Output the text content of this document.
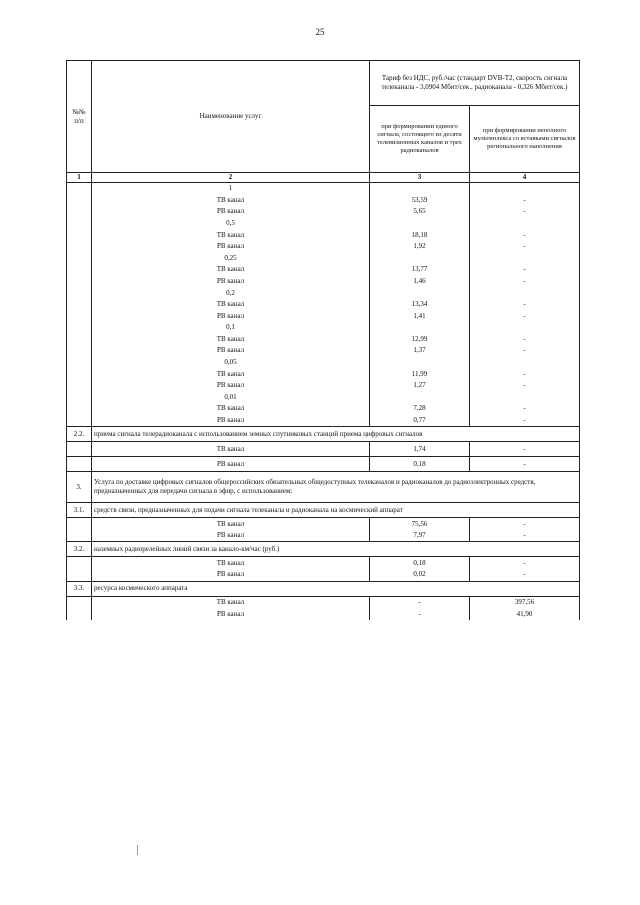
25
№№ п/п	Наименование услуг	Тариф без НДС, руб./час (стандарт DVB-T2, скорость сигнала телеканала - 3,0904 Мбит/сек., радиоканала - 0,326 Мбит/сек.)	
		при формировании единого сигнала, состоящего из десяти телевизионных каналов и трех радиоканалов	при формировании неполного мультиплекса со вставками сигналов регионального наполнения
1	2	3	4
	1		
	ТВ канал	53,59	-
	РВ канал	5,65	-
	0,5		
	ТВ канал	18,18	-
	РВ канал	1,92	-
	0,25		
	ТВ канал	13,77	-
	РВ канал	1,46	-
	0,2		
	ТВ канал	13,34	-
	РВ канал	1,41	-
	0,1		
	ТВ канал	12,99	-
	РВ канал	1,37	-
	0,05		
	ТВ канал	11,99	-
	РВ канал	1,27	-
	0,01		
	ТВ канал	7,28	-
	РВ канал	0,77	-
2.2.	приема сигнала телерадиоканала с использованием земных спутниковых станций приема цифровых сигналов		
	ТВ канал	1,74	-
	РВ канал	0,18	-
3.	Услуга по доставке цифровых сигналов общероссийских обязательных общедоступных телеканалов и радиоканалов до радиоэлектронных средств, предназначенных для передачи сигнала в эфир, с использованием:		
3.1.	средств связи, предназначенных для подачи сигнала телеканала и радиоканала на космический аппарат		
	ТВ канал	75,56	-
	РВ канал	7,97	-
3.2.	наземных радиорелейных линий связи за канало-км/час (руб.)		
	ТВ канал	0,18	-
	РВ канал	0,02	-
3.3.	ресурса космического аппарата		
	ТВ канал	-	397,56
	РВ канал	-	41,90
